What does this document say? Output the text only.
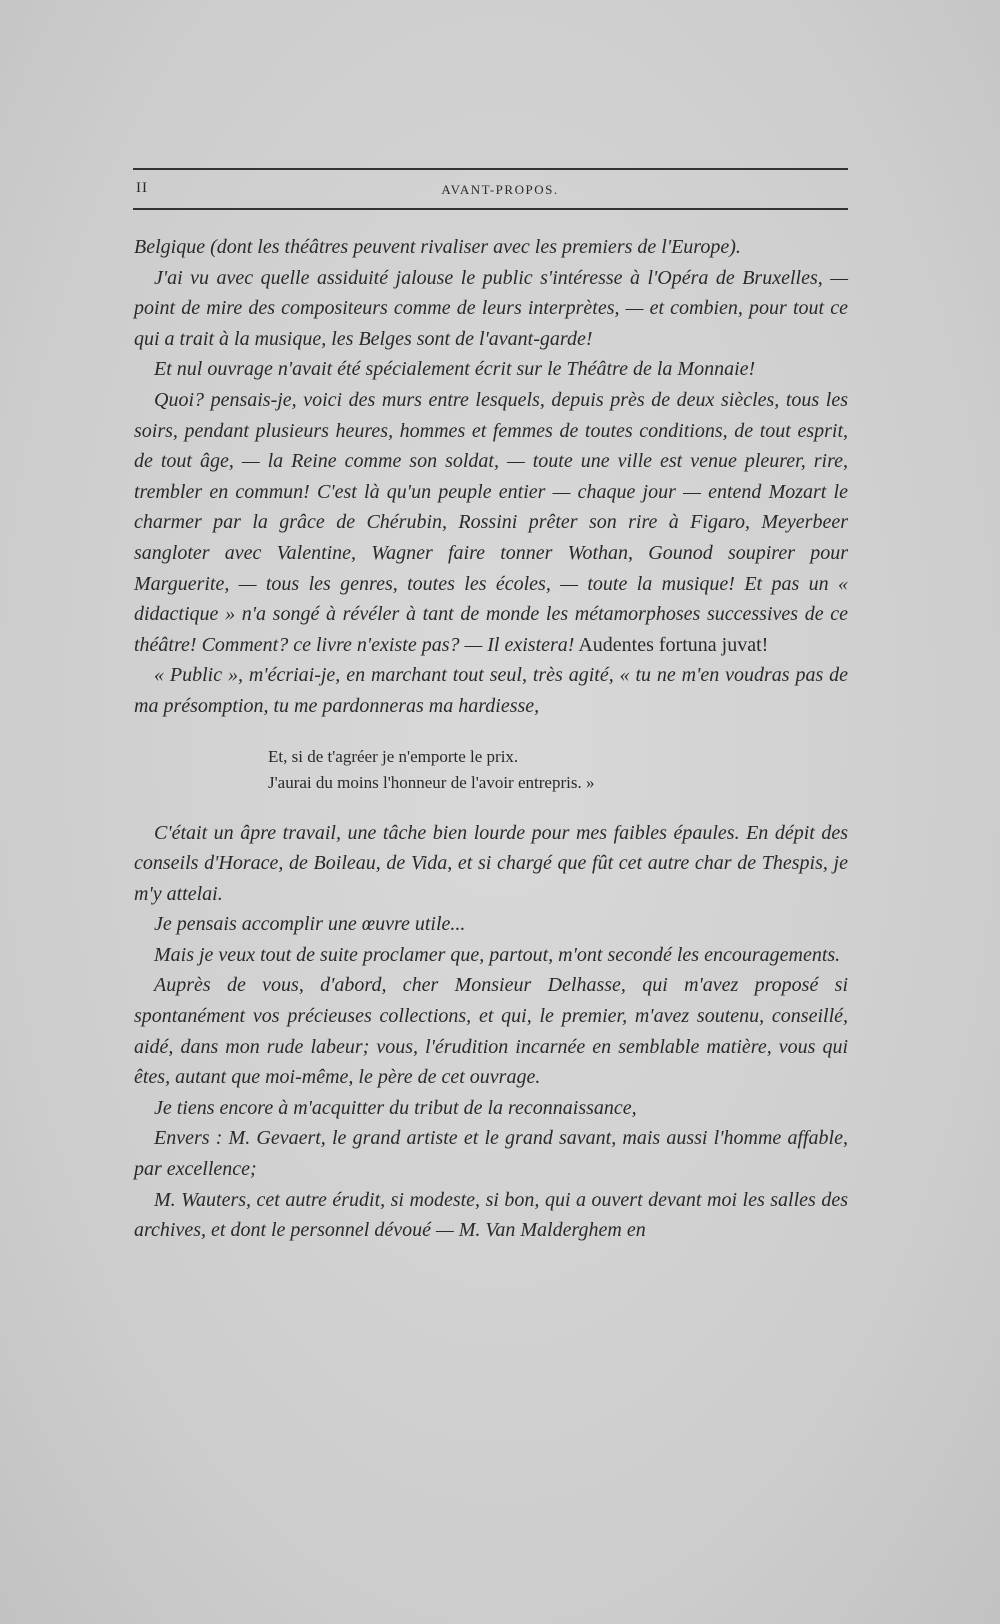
II	AVANT-PROPOS.

Belgique (dont les théâtres peuvent rivaliser avec les premiers de l'Europe).

J'ai vu avec quelle assiduité jalouse le public s'intéresse à l'Opéra de Bruxelles, — point de mire des compositeurs comme de leurs interprètes, — et combien, pour tout ce qui a trait à la musique, les Belges sont de l'avant-garde!

Et nul ouvrage n'avait été spécialement écrit sur le Théâtre de la Monnaie!

Quoi? pensais-je, voici des murs entre lesquels, depuis près de deux siècles, tous les soirs, pendant plusieurs heures, hommes et femmes de toutes conditions, de tout esprit, de tout âge, — la Reine comme son soldat, — toute une ville est venue pleurer, rire, trembler en commun! C'est là qu'un peuple entier — chaque jour — entend Mozart le charmer par la grâce de Chérubin, Rossini prêter son rire à Figaro, Meyerbeer sangloter avec Valentine, Wagner faire tonner Wothan, Gounod soupirer pour Marguerite, — tous les genres, toutes les écoles, — toute la musique! Et pas un « didactique » n'a songé à révéler à tant de monde les métamorphoses successives de ce théâtre! Comment? ce livre n'existe pas? — Il existera! Audentes fortuna juvat!

« Public », m'écriai-je, en marchant tout seul, très agité, « tu ne m'en voudras pas de ma présomption, tu me pardonneras ma hardiesse,

Et, si de t'agréer je n'emporte le prix.
J'aurai du moins l'honneur de l'avoir entrepris. »

C'était un âpre travail, une tâche bien lourde pour mes faibles épaules. En dépit des conseils d'Horace, de Boileau, de Vida, et si chargé que fût cet autre char de Thespis, je m'y attelai.

Je pensais accomplir une œuvre utile...

Mais je veux tout de suite proclamer que, partout, m'ont secondé les encouragements.

Auprès de vous, d'abord, cher Monsieur Delhasse, qui m'avez proposé si spontanément vos précieuses collections, et qui, le premier, m'avez soutenu, conseillé, aidé, dans mon rude labeur; vous, l'érudition incarnée en semblable matière, vous qui êtes, autant que moi-même, le père de cet ouvrage.

Je tiens encore à m'acquitter du tribut de la reconnaissance,

Envers : M. Gevaert, le grand artiste et le grand savant, mais aussi l'homme affable, par excellence;

M. Wauters, cet autre érudit, si modeste, si bon, qui a ouvert devant moi les salles des archives, et dont le personnel dévoué — M. Van Malderghem en
